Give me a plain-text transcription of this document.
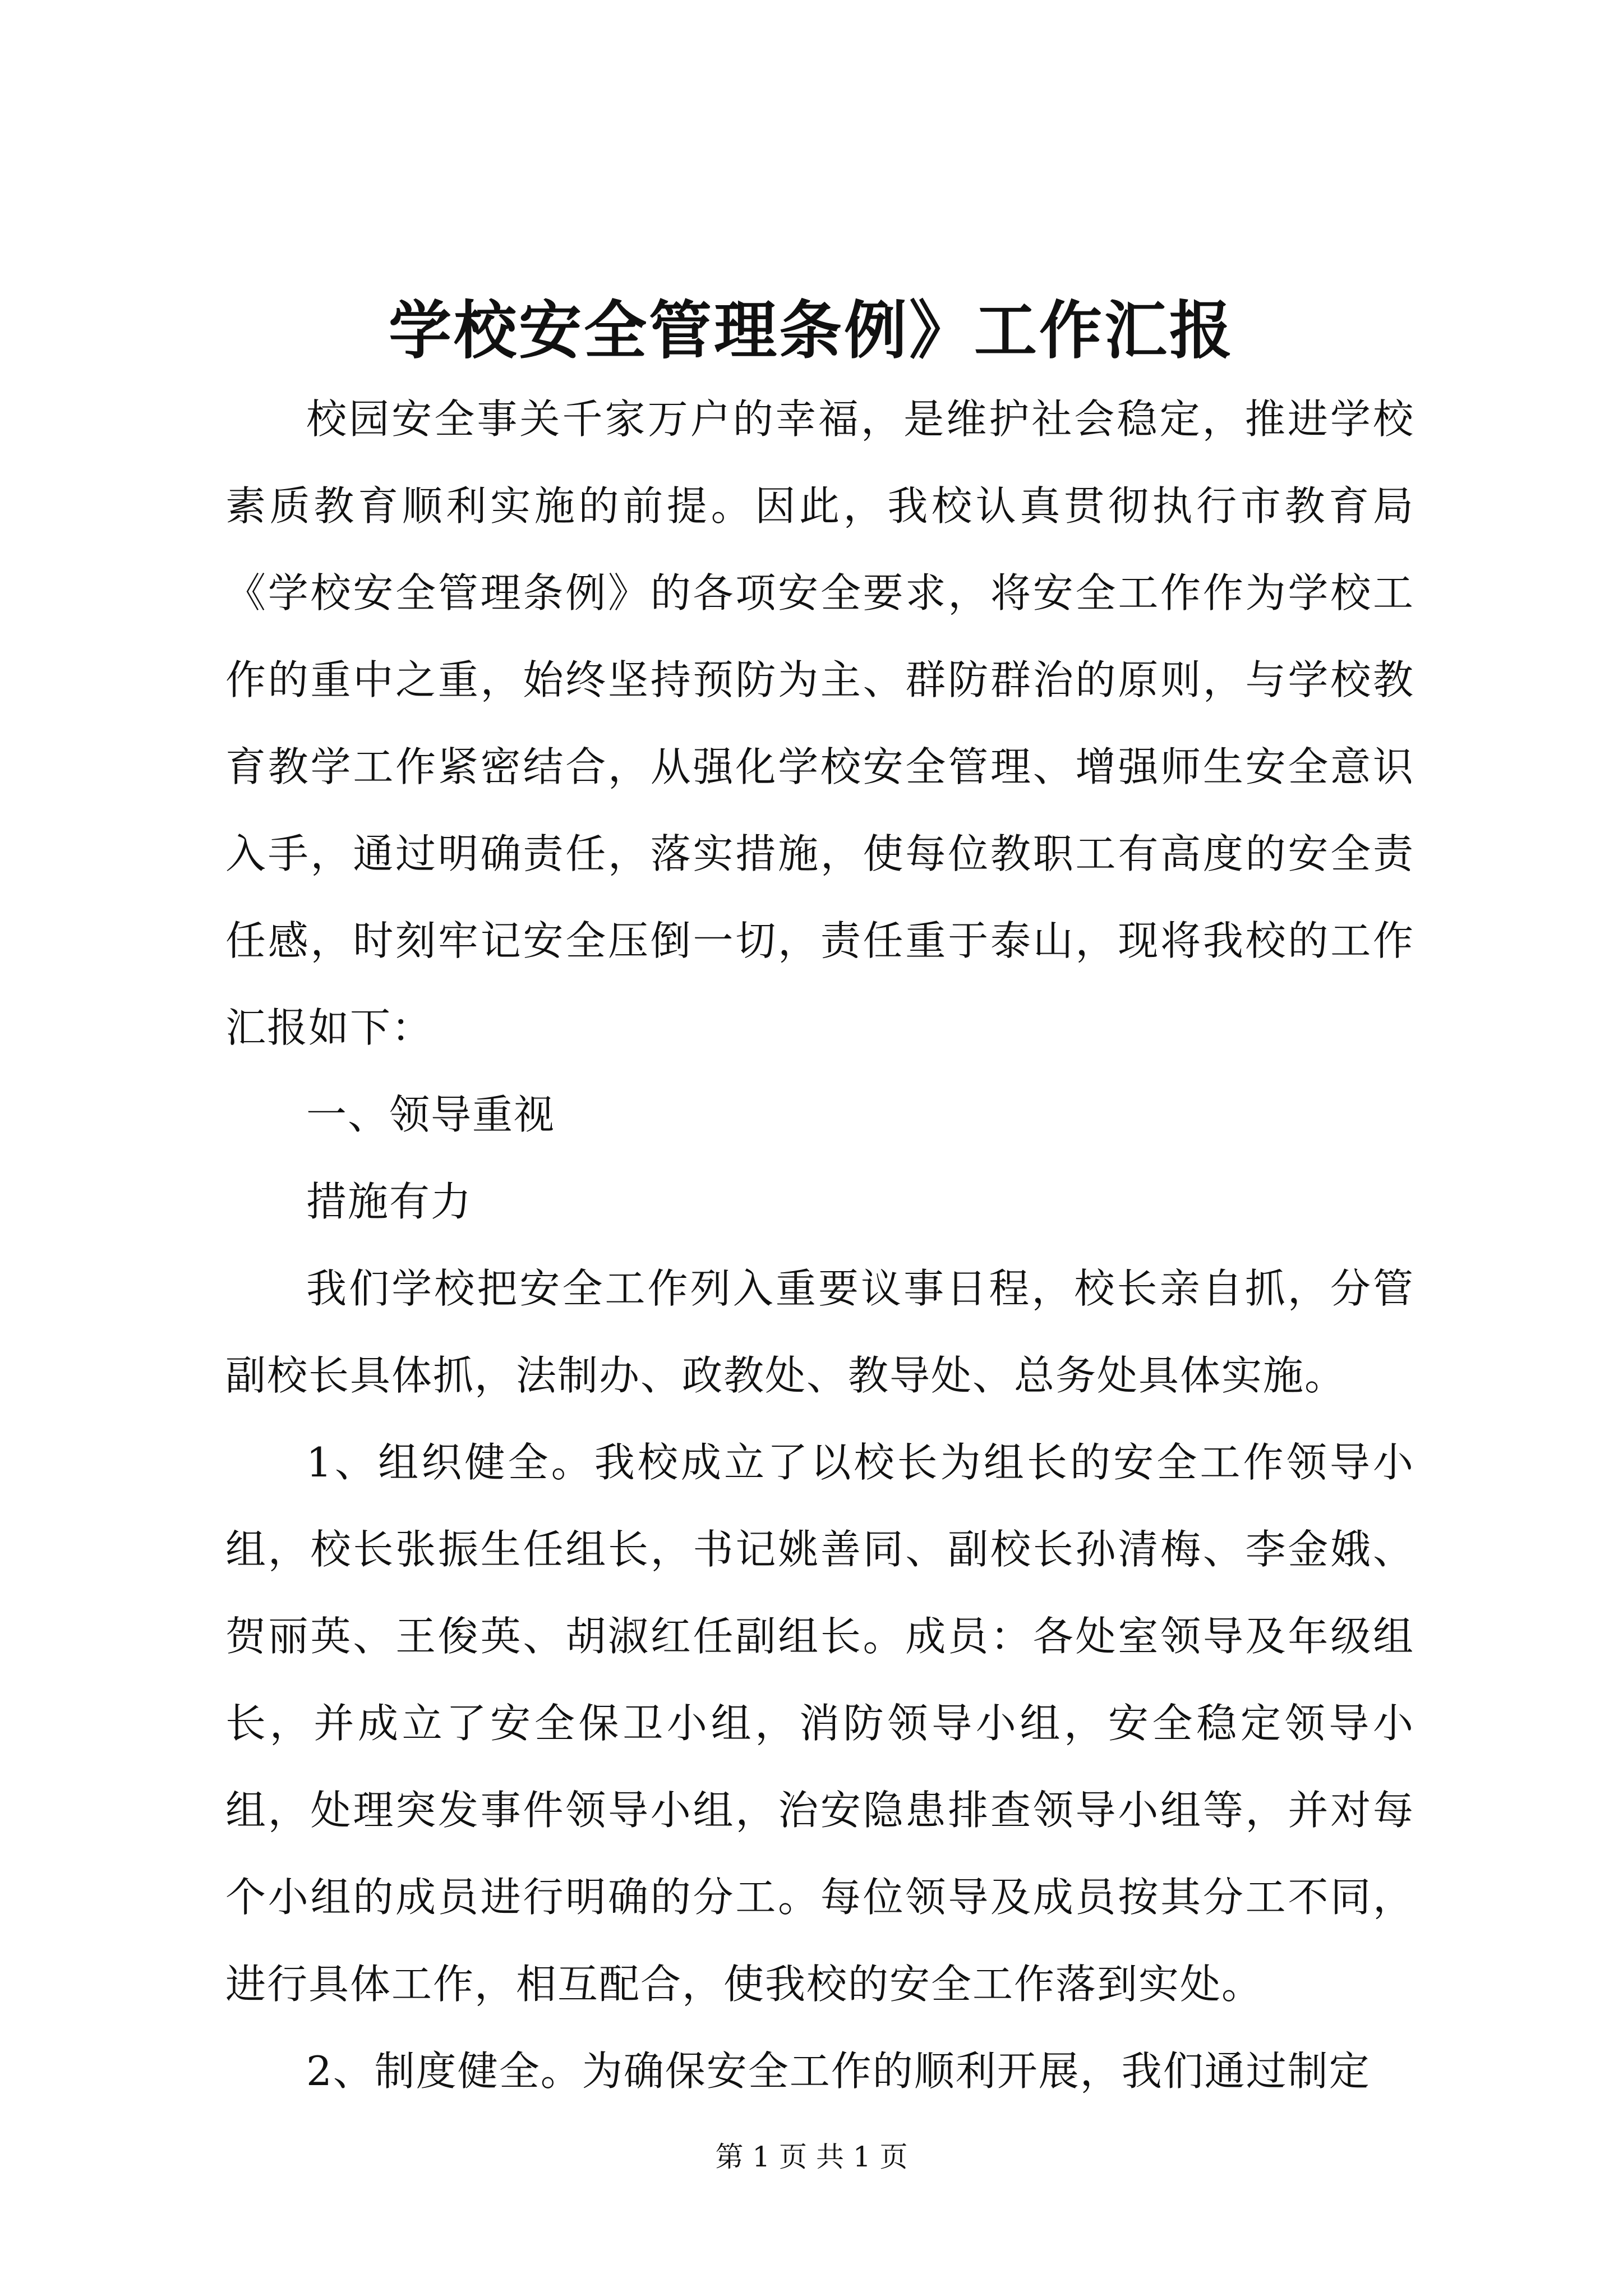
学校安全管理条例》工作汇报

校园安全事关千家万户的幸福，是维护社会稳定，推进学校素质教育顺利实施的前提。因此，我校认真贯彻执行市教育局《学校安全管理条例》的各项安全要求，将安全工作作为学校工作的重中之重，始终坚持预防为主、群防群治的原则，与学校教育教学工作紧密结合，从强化学校安全管理、增强师生安全意识入手，通过明确责任，落实措施，使每位教职工有高度的安全责任感，时刻牢记安全压倒一切，责任重于泰山，现将我校的工作汇报如下：

一、领导重视

措施有力

我们学校把安全工作列入重要议事日程，校长亲自抓，分管副校长具体抓，法制办、政教处、教导处、总务处具体实施。

1、组织健全。我校成立了以校长为组长的安全工作领导小组，校长张振生任组长，书记姚善同、副校长孙清梅、李金娥、贺丽英、王俊英、胡淑红任副组长。成员：各处室领导及年级组长，并成立了安全保卫小组，消防领导小组，安全稳定领导小组，处理突发事件领导小组，治安隐患排查领导小组等，并对每个小组的成员进行明确的分工。每位领导及成员按其分工不同，进行具体工作，相互配合，使我校的安全工作落到实处。

2、制度健全。为确保安全工作的顺利开展，我们通过制定

第 1 页 共 1 页
